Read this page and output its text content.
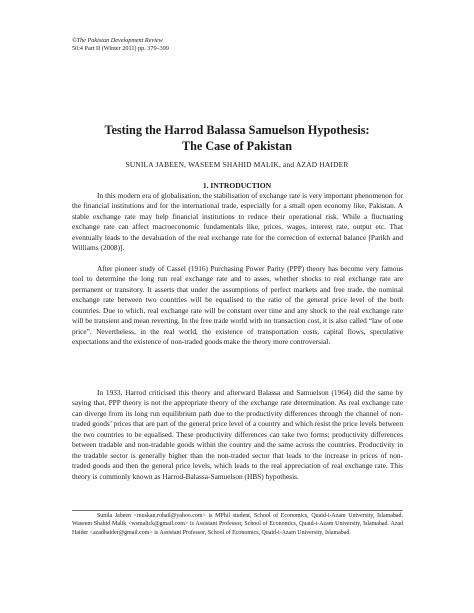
©The Pakistan Development Review
50:4 Part II (Winter 2011) pp. 379–399
Testing the Harrod Balassa Samuelson Hypothesis:
The Case of Pakistan
SUNILA JABEEN, WASEEM SHAHID MALIK, and AZAD HAIDER
1. INTRODUCTION

In this modern era of globalisation, the stabilisation of exchange rate is very important phenomenon for the financial institutions and for the international trade, especially for a small open economy like, Pakistan. A stable exchange rate may help financial institutions to reduce their operational risk. While a fluctuating exchange rate can affect macroeconomic fundamentals like, prices, wages, interest rate, output etc. That eventually leads to the devaluation of the real exchange rate for the correction of external balance [Parikh and Williams (2008)].

After pioneer study of Cassel (1916) Purchasing Power Parity (PPP) theory has become very famous tool to determine the long run real exchange rate and to asses, whether shocks to real exchange rate are permanent or transitory. It asserts that under the assumptions of perfect markets and free trade, the nominal exchange rate between two countries will be equalised to the ratio of the general price level of the both countries. Due to which, real exchange rate will be constant over time and any shock to the real exchange rate will be transient and mean reverting. In the free trade world with no transaction cost, it is also called “law of one price”. Nevertheless, in the real world, the existence of transportation costs, capital flows, speculative expectations and the existence of non-traded goods make the theory more controversial.

In 1933, Harrod criticised this theory and afterward Balassa and Samuelson (1964) did the same by saying that, PPP theory is not the appropriate theory of the exchange rate determination. As real exchange rate can diverge from its long run equilibrium path due to the productivity differences through the channel of non-traded goods’ prices that are part of the general price level of a country and which resist the price levels between the two countries to be equalised. These productivity differences can take two forms; productivity differences between tradable and non-tradable goods within the country and the same across the countries. Productivity in the tradable sector is generally higher than the non-traded sector that leads to the increase in prices of non-traded goods and then the general price levels, which leads to the real appreciation of real exchange rate. This theory is commonly known as Harrod-Balassa-Samuelson (HBS) hypothesis.

Sunila Jabeen <muskan.rohail@yahoo.com> is MPhil student, School of Economics, Quaid-i-Azam University, Islamabad. Waseem Shahid Malik <wsmalick@gmail.com> is Assistant Professor, School of Economics, Quaid-i-Azam University, Islamabad. Azad Haider <azadhaider@gmail.com> is Assistant Professor, School of Economics, Quaid-i-Azam University, Islamabad.
